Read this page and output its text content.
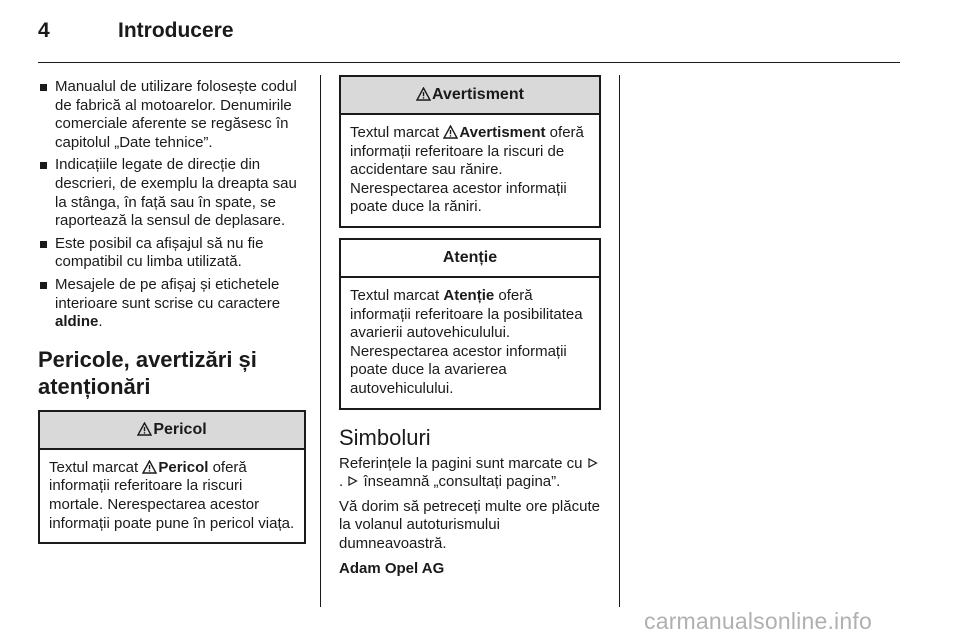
4	Introducere
Manualul de utilizare folosește codul de fabrică al motoarelor. Denumirile comerciale aferente se regăsesc în capitolul „Date tehnice”.
Indicațiile legate de direcție din descrieri, de exemplu la dreapta sau la stânga, în față sau în spate, se raportează la sensul de deplasare.
Este posibil ca afișajul să nu fie compatibil cu limba utilizată.
Mesajele de pe afișaj și etichetele interioare sunt scrise cu caractere aldine.
Pericole, avertizări și atenționări
Pericol
Textul marcat Pericol oferă informații referitoare la riscuri mortale. Nerespectarea acestor informații poate pune în pericol viața.
Avertisment
Textul marcat Avertisment oferă informații referitoare la riscuri de accidentare sau rănire. Nerespectarea acestor informații poate duce la răniri.
Atenție
Textul marcat Atenție oferă informații referitoare la posibilitatea avarierii autovehiculului. Nerespectarea acestor informații poate duce la avarierea autovehiculului.
Simboluri

Referințele la pagini sunt marcate cu .  înseamnă „consultați pagina”.

Vă dorim să petreceți multe ore plăcute la volanul autoturismului dumneavoastră.

Adam Opel AG

carmanualsonline.info
